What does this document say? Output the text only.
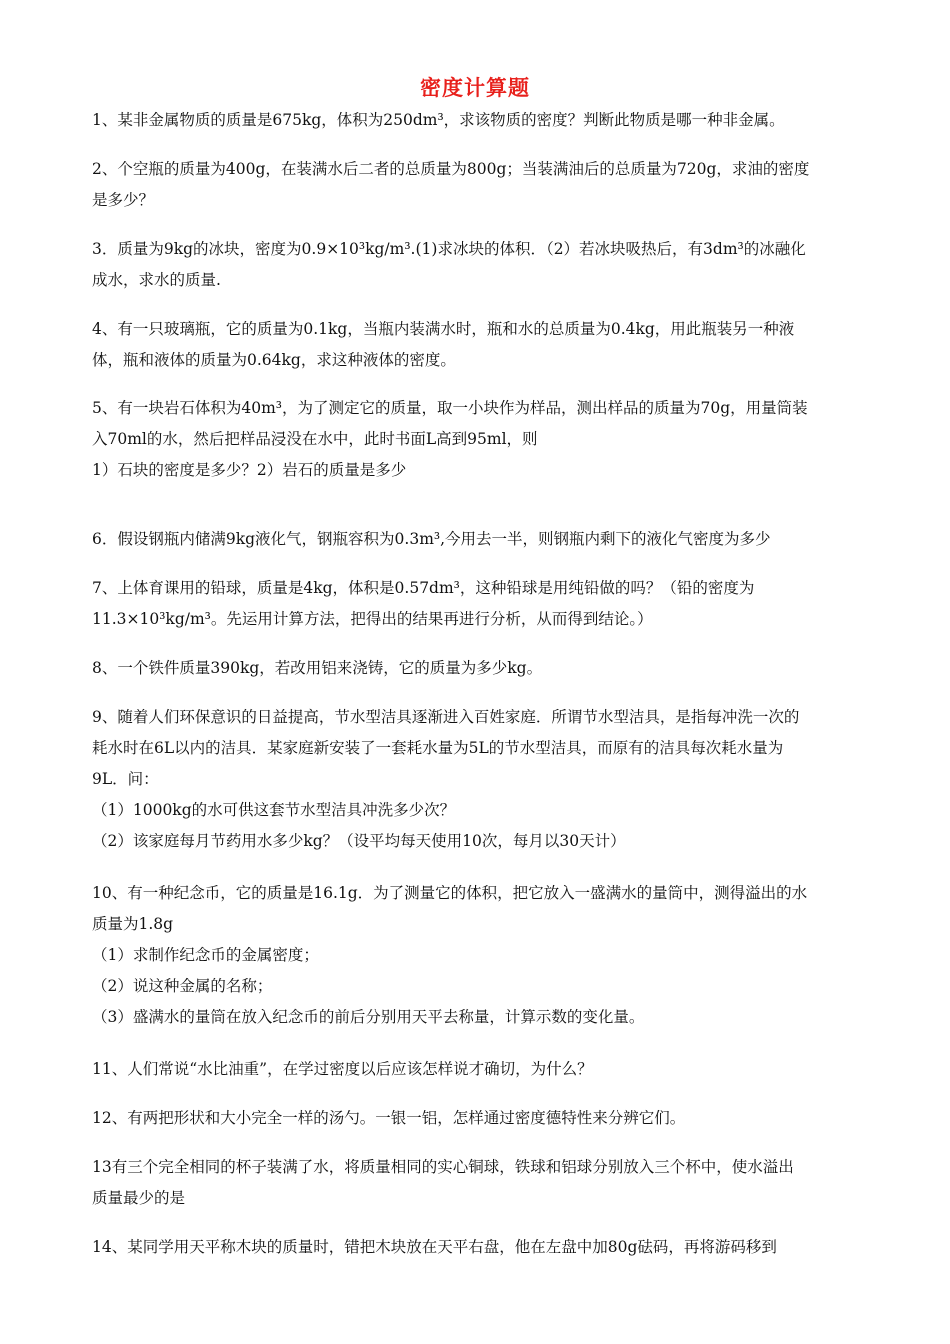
密度计算题
1、某非金属物质的质量是675kg，体积为250dm³，求该物质的密度？判断此物质是哪一种非金属。
2、个空瓶的质量为400g，在装满水后二者的总质量为800g；当装满油后的总质量为720g，求油的密度
是多少？
3．质量为9kg的冰块，密度为0.9×10³kg/m³.(1)求冰块的体积．（2）若冰块吸热后，有3dm³的冰融化
成水，求水的质量.
4、有一只玻璃瓶，它的质量为0.1kg，当瓶内装满水时，瓶和水的总质量为0.4kg，用此瓶装另一种液
体，瓶和液体的质量为0.64kg，求这种液体的密度。
5、有一块岩石体积为40m³，为了测定它的质量，取一小块作为样品，测出样品的质量为70g，用量筒装
入70ml的水，然后把样品浸没在水中，此时书面L高到95ml，则
1）石块的密度是多少？2）岩石的质量是多少
6．假设钢瓶内储满9kg液化气，钢瓶容积为0.3m³,今用去一半，则钢瓶内剩下的液化气密度为多少
7、上体育课用的铅球，质量是4kg，体积是0.57dm³，这种铅球是用纯铅做的吗？（铅的密度为
11.3×10³kg/m³。先运用计算方法，把得出的结果再进行分析，从而得到结论。）
8、一个铁件质量390kg，若改用铝来浇铸，它的质量为多少kg。
9、随着人们环保意识的日益提高，节水型洁具逐渐进入百姓家庭．所谓节水型洁具，是指每冲洗一次的
耗水时在6L以内的洁具．某家庭新安装了一套耗水量为5L的节水型洁具，而原有的洁具每次耗水量为
9L．问：
（1）1000kg的水可供这套节水型洁具冲洗多少次？
（2）该家庭每月节药用水多少kg？（设平均每天使用10次，每月以30天计）
10、有一种纪念币，它的质量是16.1g．为了测量它的体积，把它放入一盛满水的量筒中，测得溢出的水
质量为1.8g
（1）求制作纪念币的金属密度；
（2）说这种金属的名称；
（3）盛满水的量筒在放入纪念币的前后分别用天平去称量，计算示数的变化量。
11、人们常说“水比油重”，在学过密度以后应该怎样说才确切，为什么？
12、有两把形状和大小完全一样的汤勺。一银一铝，怎样通过密度德特性来分辨它们。
13有三个完全相同的杯子装满了水，将质量相同的实心铜球，铁球和铝球分别放入三个杯中，使水溢出
质量最少的是
14、某同学用天平称木块的质量时，错把木块放在天平右盘，他在左盘中加80g砝码，再将游码移到
